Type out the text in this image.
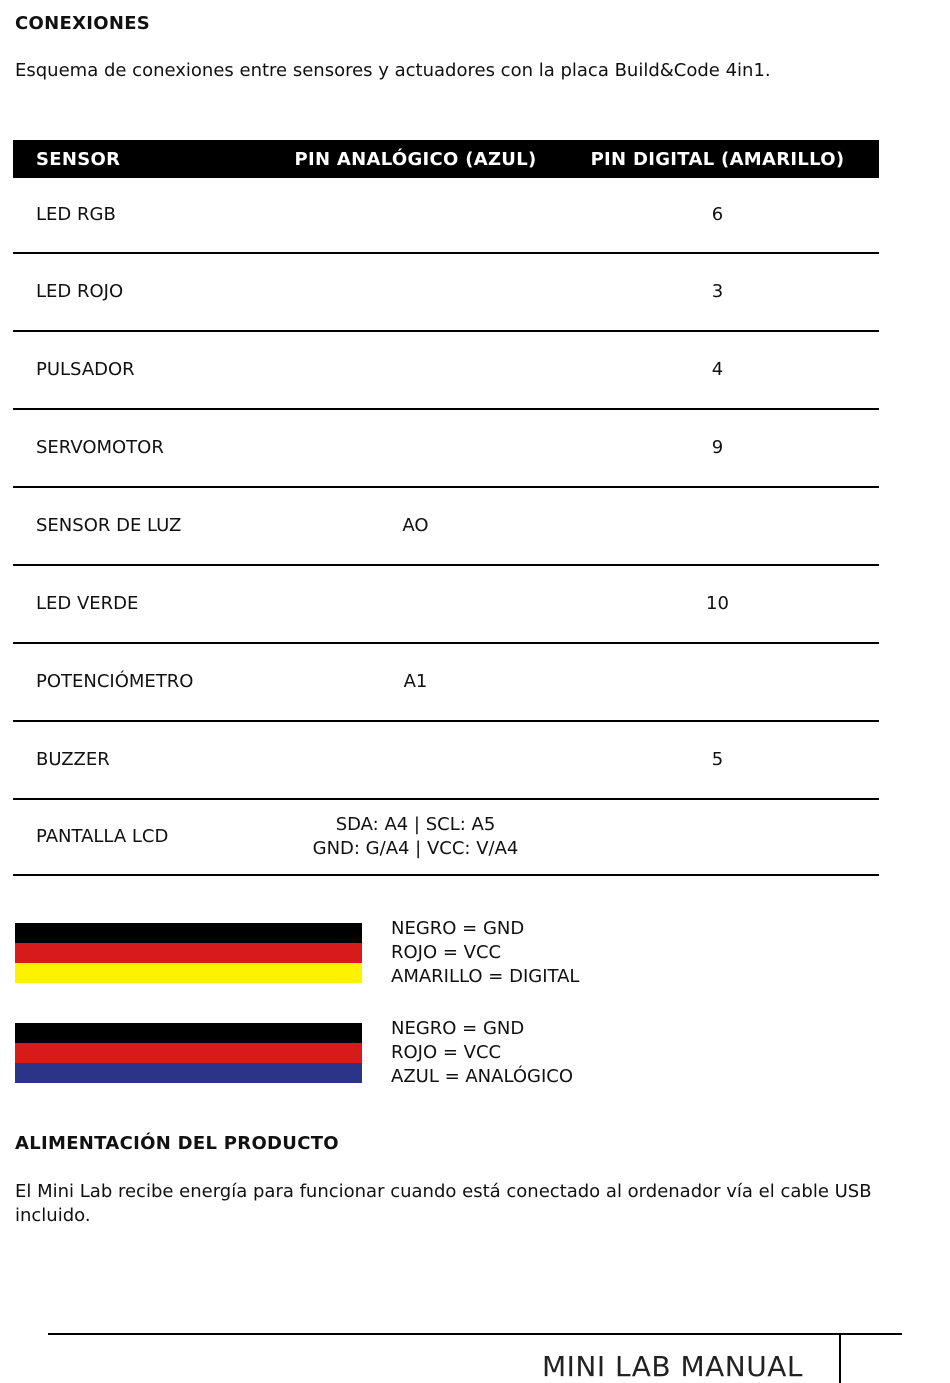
CONEXIONES

Esquema de conexiones entre sensores y actuadores con la placa Build&Code 4in1.

SENSOR	PIN ANALÓGICO (AZUL)	PIN DIGITAL (AMARILLO)
LED RGB		6
LED ROJO		3
PULSADOR		4
SERVOMOTOR		9
SENSOR DE LUZ	AO	
LED VERDE		10
POTENCIÓMETRO	A1	
BUZZER		5
PANTALLA LCD	SDA: A4 | SCL: A5
GND: G/A4 | VCC: V/A4	

NEGRO = GND
ROJO = VCC
AMARILLO = DIGITAL
NEGRO = GND
ROJO = VCC
AZUL = ANALÓGICO
ALIMENTACIÓN DEL PRODUCTO

El Mini Lab recibe energía para funcionar cuando está conectado al ordenador vía el cable USB incluido.

MINI LAB MANUAL
